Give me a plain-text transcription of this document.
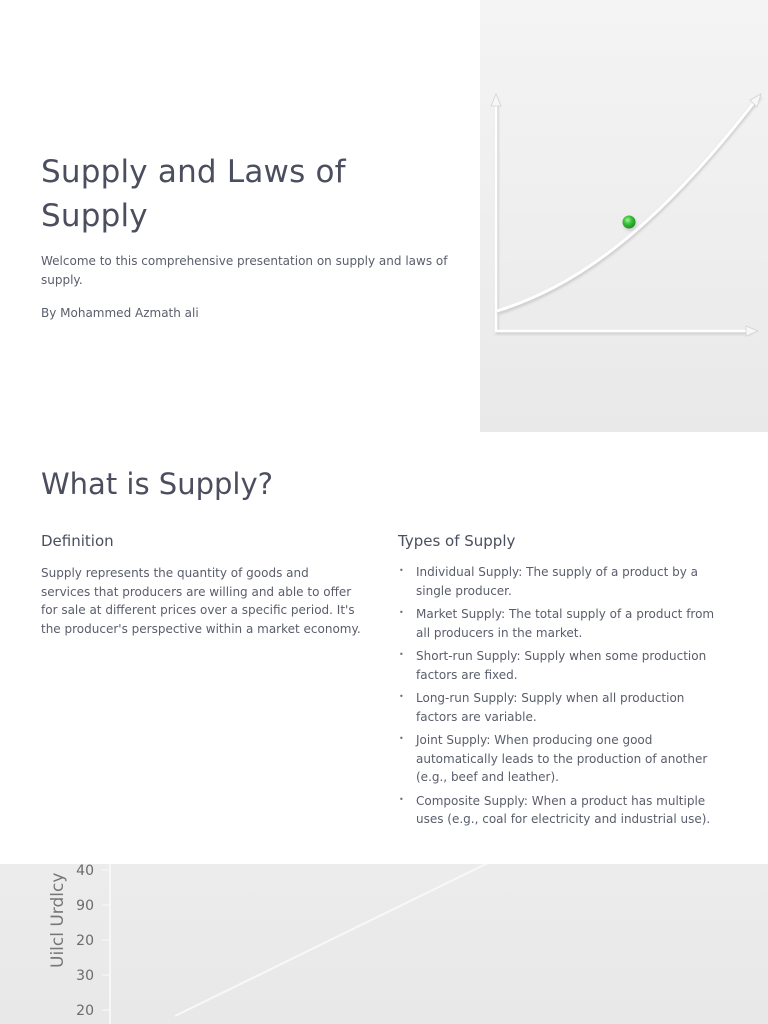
Supply and Laws of Supply

Welcome to this comprehensive presentation on supply and laws of supply.

By Mohammed Azmath ali

What is Supply?
Definition

Supply represents the quantity of goods and services that producers are willing and able to offer for sale at different prices over a specific period. It's the producer's perspective within a market economy.

Types of Supply
• Individual Supply: The supply of a product by a single producer.
• Market Supply: The total supply of a product from all producers in the market.
• Short-run Supply: Supply when some production factors are fixed.
• Long-run Supply: Supply when all production factors are variable.
• Joint Supply: When producing one good automatically leads to the production of another (e.g., beef and leather).
• Composite Supply: When a product has multiple uses (e.g., coal for electricity and industrial use).
Uilcl Urdlcy
40
90
20
30
20
